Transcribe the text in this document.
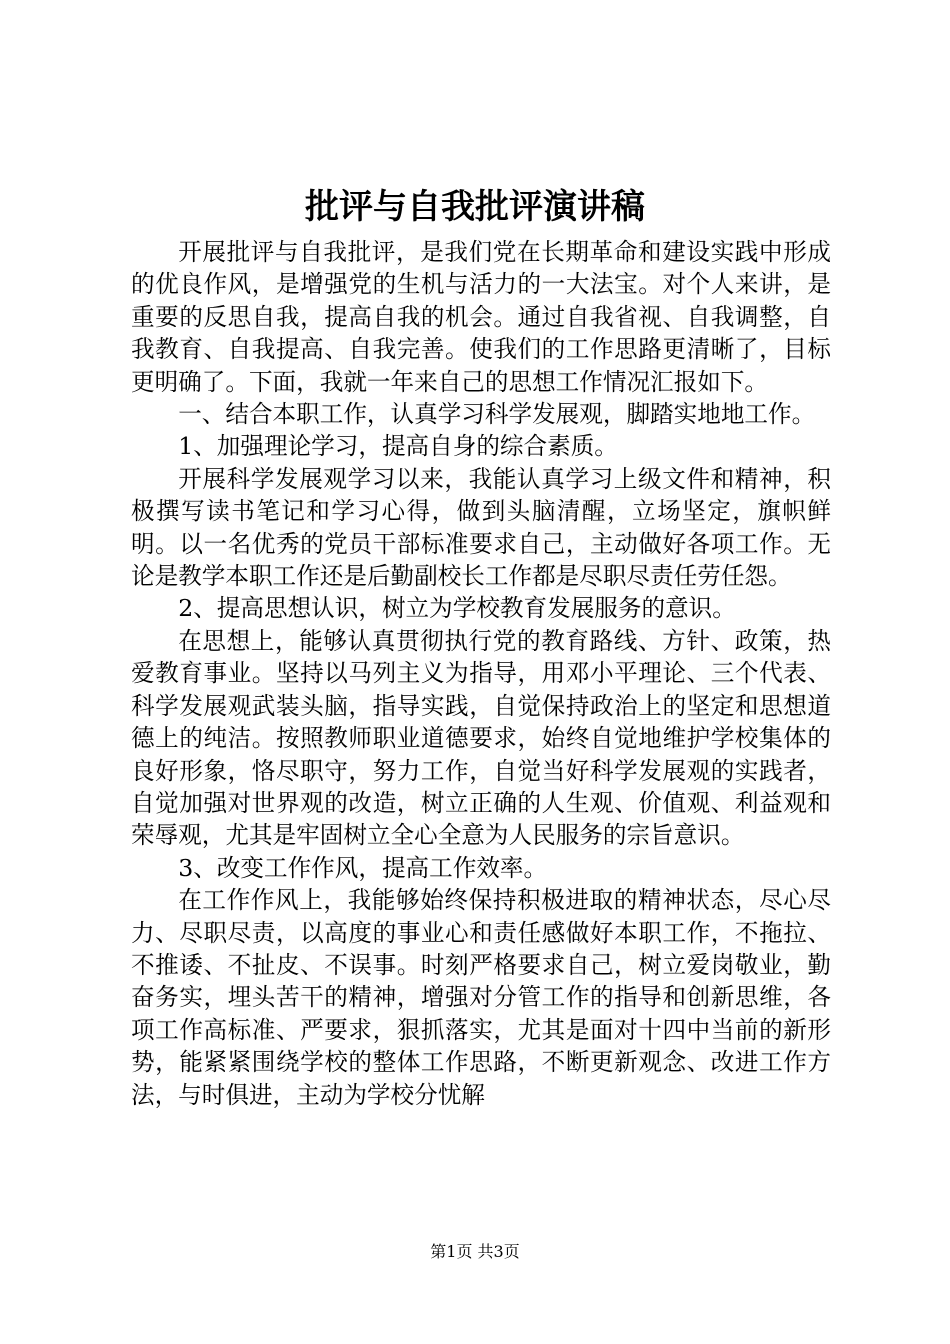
批评与自我批评演讲稿

开展批评与自我批评，是我们党在长期革命和建设实践中形成的优良作风，是增强党的生机与活力的一大法宝。对个人来讲，是重要的反思自我，提高自我的机会。通过自我省视、自我调整，自我教育、自我提高、自我完善。使我们的工作思路更清晰了，目标更明确了。下面，我就一年来自己的思想工作情况汇报如下。

一、结合本职工作，认真学习科学发展观，脚踏实地地工作。

1、加强理论学习，提高自身的综合素质。

开展科学发展观学习以来，我能认真学习上级文件和精神，积极撰写读书笔记和学习心得，做到头脑清醒，立场坚定，旗帜鲜明。以一名优秀的党员干部标准要求自己，主动做好各项工作。无论是教学本职工作还是后勤副校长工作都是尽职尽责任劳任怨。

2、提高思想认识，树立为学校教育发展服务的意识。

在思想上，能够认真贯彻执行党的教育路线、方针、政策，热爱教育事业。坚持以马列主义为指导，用邓小平理论、三个代表、科学发展观武装头脑，指导实践，自觉保持政治上的坚定和思想道德上的纯洁。按照教师职业道德要求，始终自觉地维护学校集体的良好形象，恪尽职守，努力工作，自觉当好科学发展观的实践者，自觉加强对世界观的改造，树立正确的人生观、价值观、利益观和荣辱观，尤其是牢固树立全心全意为人民服务的宗旨意识。

3、改变工作作风，提高工作效率。

在工作作风上，我能够始终保持积极进取的精神状态，尽心尽力、尽职尽责，以高度的事业心和责任感做好本职工作，不拖拉、不推诿、不扯皮、不误事。时刻严格要求自己，树立爱岗敬业，勤奋务实，埋头苦干的精神，增强对分管工作的指导和创新思维，各项工作高标准、严要求，狠抓落实，尤其是面对十四中当前的新形势，能紧紧围绕学校的整体工作思路，不断更新观念、改进工作方法，与时俱进，主动为学校分忧解

第1页 共3页
